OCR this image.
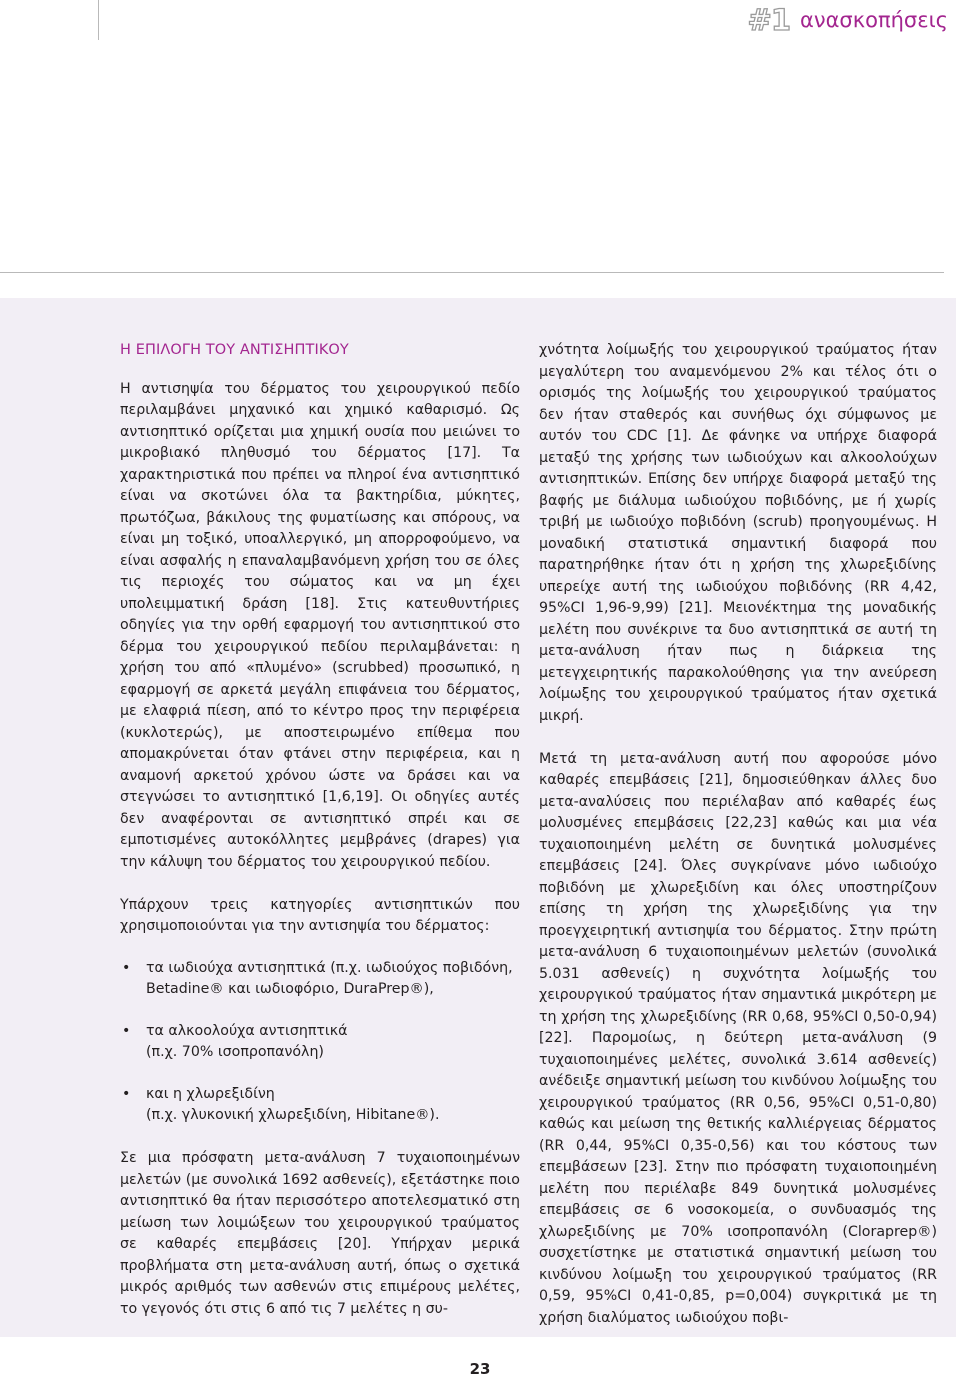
#1 ανασκοπήσεις
Η ΕΠΙΛΟΓΗ ΤΟΥ ΑΝΤΙΣΗΠΤΙΚΟΥ

Η αντισηψία του δέρματος του χειρουργικού πεδίο περιλαμβάνει μηχανικό και χημικό καθαρισμό. Ως αντισηπτικό ορίζεται μια χημική ουσία που μειώνει το μικροβιακό πληθυσμό του δέρματος [17]. Τα χαρακτηριστικά που πρέπει να πληροί ένα αντισηπτικό είναι να σκοτώνει όλα τα βακτηρίδια, μύκητες, πρωτόζωα, βάκιλους της φυματίωσης και σπόρους, να είναι μη τοξικό, υποαλλεργικό, μη απορροφούμενο, να είναι ασφαλής η επαναλαμβανόμενη χρήση του σε όλες τις περιοχές του σώματος και να μη έχει υπολειμματική δράση [18]. Στις κατευθυντήριες οδηγίες για την ορθή εφαρμογή του αντισηπτικού στο δέρμα του χειρουργικού πεδίου περιλαμβάνεται: η χρήση του από «πλυμένο» (scrubbed) προσωπικό, η εφαρμογή σε αρκετά μεγάλη επιφάνεια του δέρματος, με ελαφριά πίεση, από το κέντρο προς την περιφέρεια (κυκλοτερώς), με αποστειρωμένο επίθεμα που απομακρύνεται όταν φτάνει στην περιφέρεια, και η αναμονή αρκετού χρόνου ώστε να δράσει και να στεγνώσει το αντισηπτικό [1,6,19]. Οι οδηγίες αυτές δεν αναφέρονται σε αντισηπτικό σπρέι και σε εμποτισμένες αυτοκόλλητες μεμβράνες (drapes) για την κάλυψη του δέρματος του χειρουργικού πεδίου.

Υπάρχουν τρεις κατηγορίες αντισηπτικών που χρησιμοποιούνται για την αντισηψία του δέρματος:

• τα ιωδιούχα αντισηπτικά (π.χ. ιωδιούχος ποβιδόνη,
Betadine® και ιωδιοφόριο, DuraPrep®),
• τα αλκοολούχα αντισηπτικά
(π.χ. 70% ισοπροπανόλη)
• και η χλωρεξιδίνη
(π.χ. γλυκονική χλωρεξιδίνη, Hibitane®).

Σε μια πρόσφατη μετα-ανάλυση 7 τυχαιοποιημένων μελετών (με συνολικά 1692 ασθενείς), εξετάστηκε ποιο αντισηπτικό θα ήταν περισσότερο αποτελεσματικό στη μείωση των λοιμώξεων του χειρουργικού τραύματος σε καθαρές επεμβάσεις [20]. Υπήρχαν μερικά προβλήματα στη μετα-ανάλυση αυτή, όπως ο σχετικά μικρός αριθμός των ασθενών στις επιμέρους μελέτες, το γεγονός ότι στις 6 από τις 7 μελέτες η συ-

χνότητα λοίμωξής του χειρουργικού τραύματος ήταν μεγαλύτερη του αναμενόμενου 2% και τέλος ότι ο ορισμός της λοίμωξής του χειρουργικού τραύματος δεν ήταν σταθερός και συνήθως όχι σύμφωνος με αυτόν του CDC [1]. Δε φάνηκε να υπήρχε διαφορά μεταξύ της χρήσης των ιωδιούχων και αλκοολούχων αντισηπτικών. Επίσης δεν υπήρχε διαφορά μεταξύ της βαφής με διάλυμα ιωδιούχου ποβιδόνης, με ή χωρίς τριβή με ιωδιούχο ποβιδόνη (scrub) προηγουμένως. Η μοναδική στατιστικά σημαντική διαφορά που παρατηρήθηκε ήταν ότι η χρήση της χλωρεξιδίνης υπερείχε αυτή της ιωδιούχου ποβιδόνης (RR 4,42, 95%CI 1,96-9,99) [21]. Μειονέκτημα της μοναδικής μελέτη που συνέκρινε τα δυο αντισηπτικά σε αυτή τη μετα-ανάλυση ήταν πως η διάρκεια της μετεγχειρητικής παρακολούθησης για την ανεύρεση λοίμωξης του χειρουργικού τραύματος ήταν σχετικά μικρή.

Μετά τη μετα-ανάλυση αυτή που αφορούσε μόνο καθαρές επεμβάσεις [21], δημοσιεύθηκαν άλλες δυο μετα-αναλύσεις που περιέλαβαν από καθαρές έως μολυσμένες επεμβάσεις [22,23] καθώς και μια νέα τυχαιοποιημένη μελέτη σε δυνητικά μολυσμένες επεμβάσεις [24]. Όλες συγκρίνανε μόνο ιωδιούχο ποβιδόνη με χλωρεξιδίνη και όλες υποστηρίζουν επίσης τη χρήση της χλωρεξιδίνης για την προεγχειρητική αντισηψία του δέρματος. Στην πρώτη μετα-ανάλυση 6 τυχαιοποιημένων μελετών (συνολικά 5.031 ασθενείς) η συχνότητα λοίμωξής του χειρουργικού τραύματος ήταν σημαντικά μικρότερη με τη χρήση της χλωρεξιδίνης (RR 0,68, 95%CI 0,50-0,94) [22]. Παρομοίως, η δεύτερη μετα-ανάλυση (9 τυχαιοποιημένες μελέτες, συνολικά 3.614 ασθενείς) ανέδειξε σημαντική μείωση του κινδύνου λοίμωξης του χειρουργικού τραύματος (RR 0,56, 95%CI 0,51-0,80) καθώς και μείωση της θετικής καλλιέργειας δέρματος (RR 0,44, 95%CI 0,35-0,56) και του κόστους των επεμβάσεων [23]. Στην πιο πρόσφατη τυχαιοποιημένη μελέτη που περιέλαβε 849 δυνητικά μολυσμένες επεμβάσεις σε 6 νοσοκομεία, ο συνδυασμός της χλωρεξιδίνης με 70% ισοπροπανόλη (Cloraprep®) συσχετίστηκε με στατιστικά σημαντική μείωση του κινδύνου λοίμωξη του χειρουργικού τραύματος (RR 0,59, 95%CI 0,41-0,85, p=0,004) συγκριτικά με τη χρήση διαλύματος ιωδιούχου ποβι-

23
